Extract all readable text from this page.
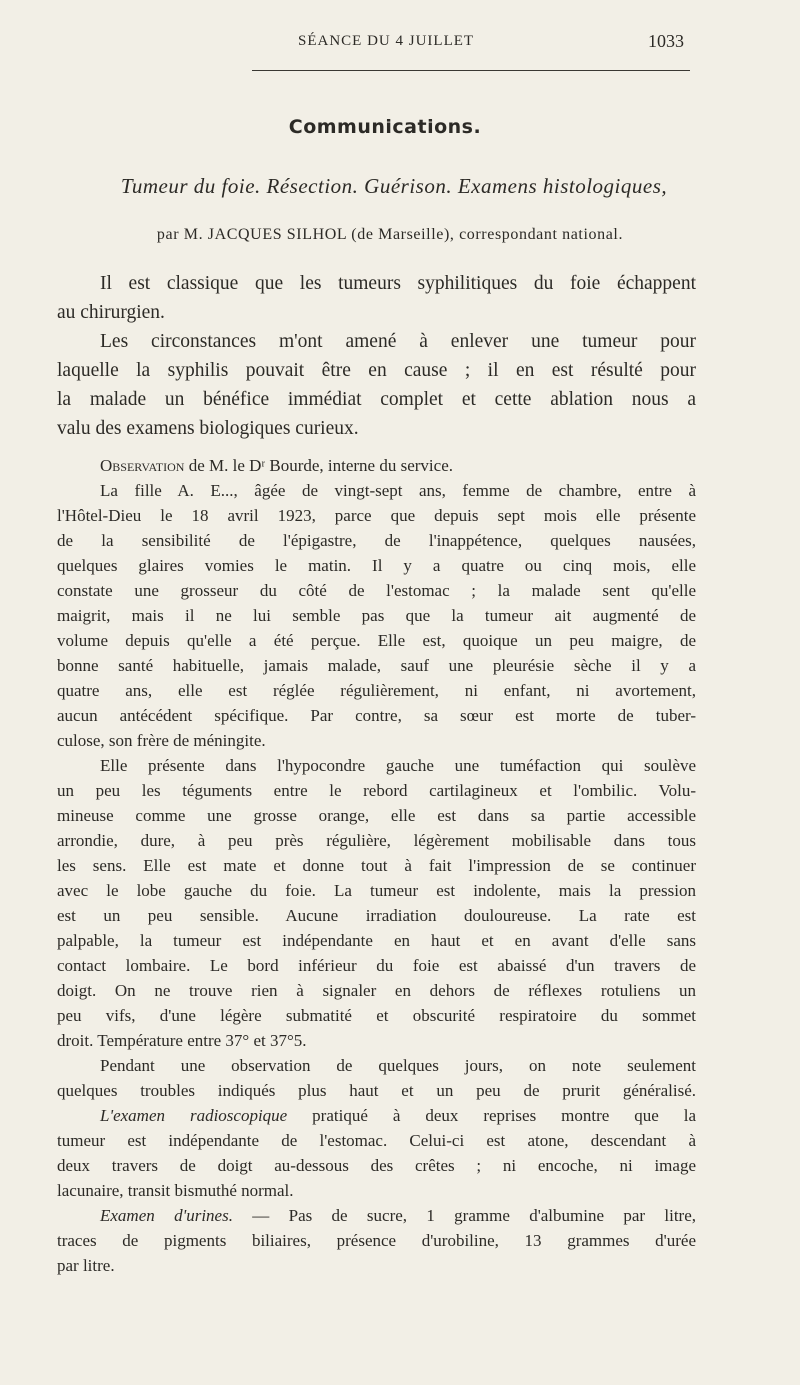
SÉANCE DU 4 JUILLET	1033
Communications.
Tumeur du foie. Résection. Guérison. Examens histologiques,
par M. JACQUES SILHOL (de Marseille), correspondant national.
Il est classique que les tumeurs syphilitiques du foie échappent
au chirurgien.
Les circonstances m'ont amené à enlever une tumeur pour
laquelle la syphilis pouvait être en cause ; il en est résulté pour
la malade un bénéfice immédiat complet et cette ablation nous a
valu des examens biologiques curieux.
Observation de M. le Dʳ Bourde, interne du service.
La fille A. E..., âgée de vingt-sept ans, femme de chambre, entre à
l'Hôtel-Dieu le 18 avril 1923, parce que depuis sept mois elle présente
de la sensibilité de l'épigastre, de l'inappétence, quelques nausées,
quelques glaires vomies le matin. Il y a quatre ou cinq mois, elle
constate une grosseur du côté de l'estomac ; la malade sent qu'elle
maigrit, mais il ne lui semble pas que la tumeur ait augmenté de
volume depuis qu'elle a été perçue. Elle est, quoique un peu maigre, de
bonne santé habituelle, jamais malade, sauf une pleurésie sèche il y a
quatre ans, elle est réglée régulièrement, ni enfant, ni avortement,
aucun antécédent spécifique. Par contre, sa sœur est morte de tuber-
culose, son frère de méningite.
Elle présente dans l'hypocondre gauche une tuméfaction qui soulève
un peu les téguments entre le rebord cartilagineux et l'ombilic. Volu-
mineuse comme une grosse orange, elle est dans sa partie accessible
arrondie, dure, à peu près régulière, légèrement mobilisable dans tous
les sens. Elle est mate et donne tout à fait l'impression de se continuer
avec le lobe gauche du foie. La tumeur est indolente, mais la pression
est un peu sensible. Aucune irradiation douloureuse. La rate est
palpable, la tumeur est indépendante en haut et en avant d'elle sans
contact lombaire. Le bord inférieur du foie est abaissé d'un travers de
doigt. On ne trouve rien à signaler en dehors de réflexes rotuliens un
peu vifs, d'une légère submatité et obscurité respiratoire du sommet
droit. Température entre 37° et 37°5.
Pendant une observation de quelques jours, on note seulement
quelques troubles indiqués plus haut et un peu de prurit généralisé.
L'examen radioscopique pratiqué à deux reprises montre que la
tumeur est indépendante de l'estomac. Celui-ci est atone, descendant à
deux travers de doigt au-dessous des crêtes ; ni encoche, ni image
lacunaire, transit bismuthé normal.
Examen d'urines. — Pas de sucre, 1 gramme d'albumine par litre,
traces de pigments biliaires, présence d'urobiline, 13 grammes d'urée
par litre.
